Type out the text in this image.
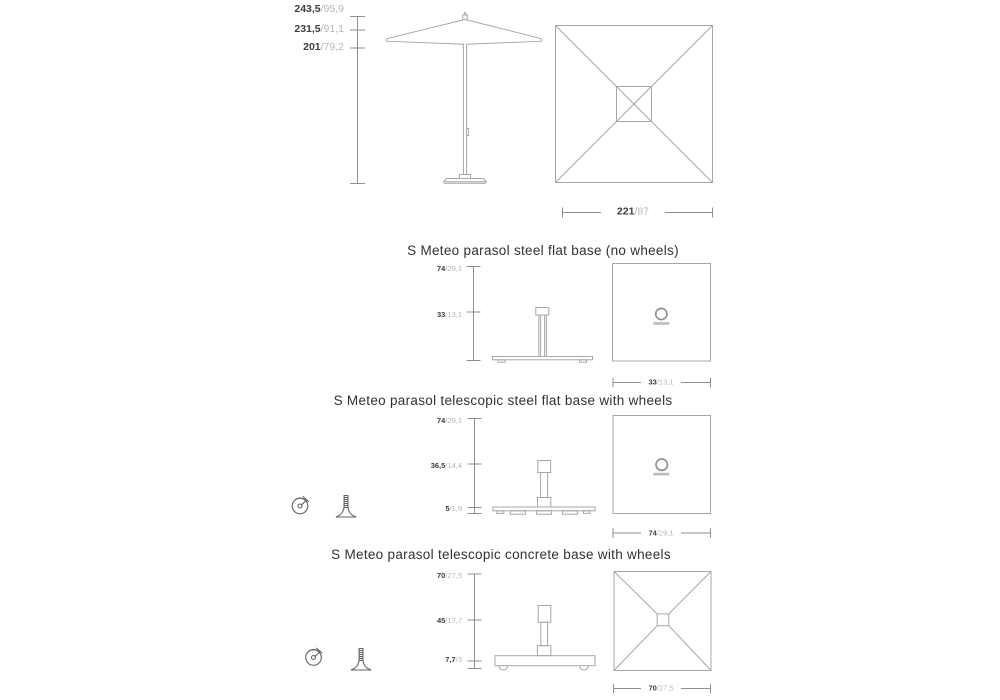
243,5/95,9
231,5/91,1
201/79,2
221/87
S Meteo parasol steel flat base (no wheels)
74/29,1
33/13,1
33/13,1
S Meteo parasol telescopic steel flat base with wheels
74/29,1
36,5/14,4
5/1,9
74/29,1
S Meteo parasol telescopic concrete base with wheels
70/27,5
45/17,7
7,7/3
70/27,5
